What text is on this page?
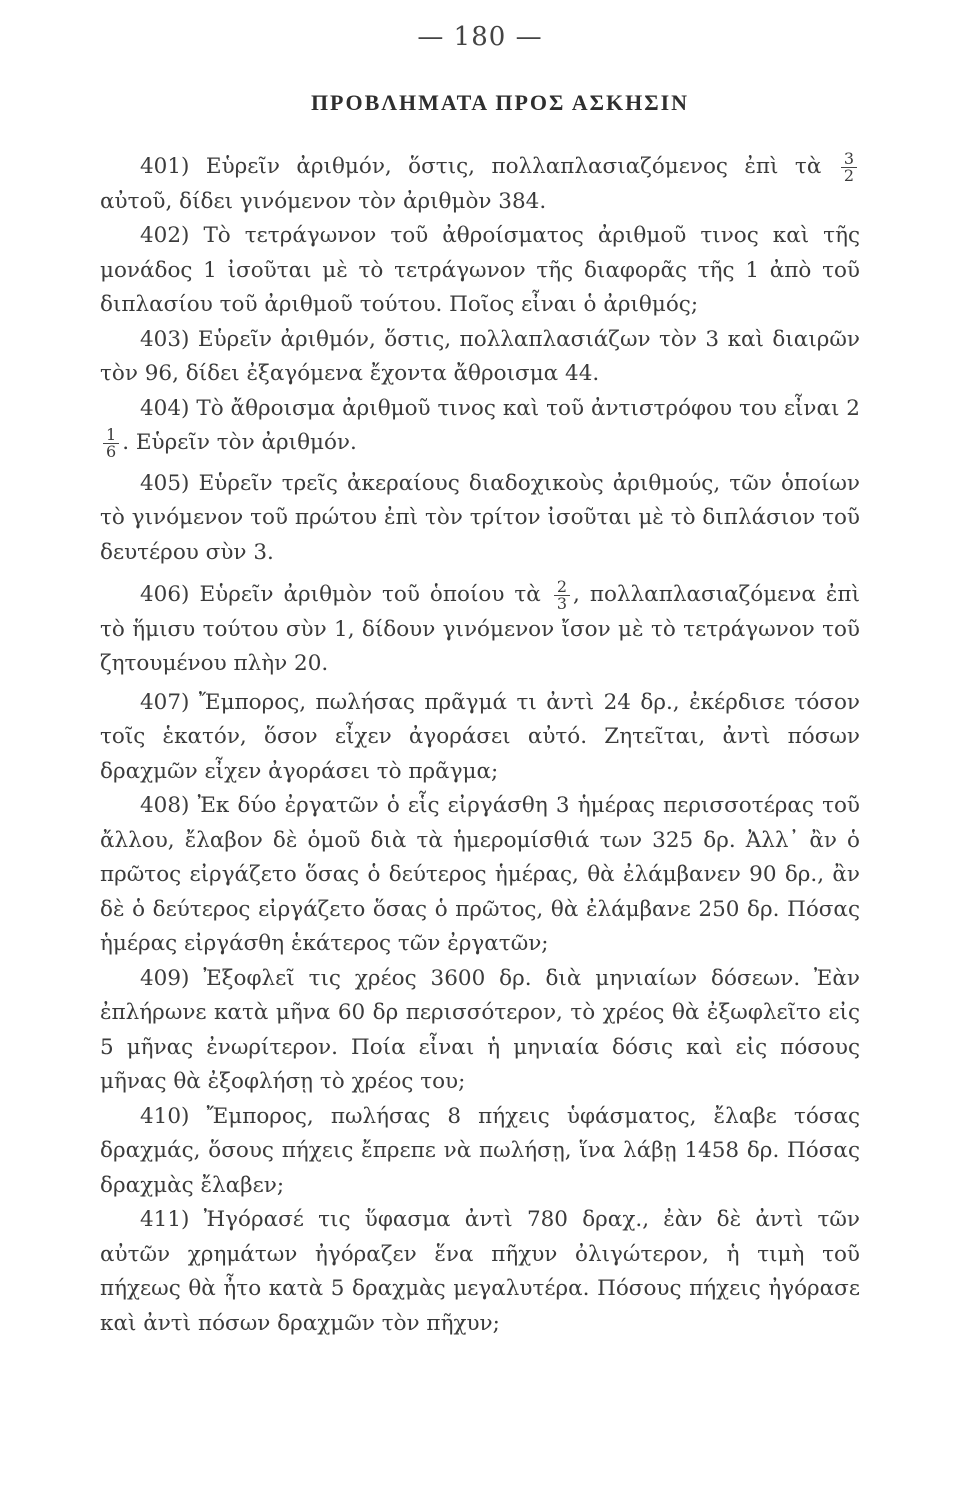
— 180 —
ΠΡΟΒΛΗΜΑΤΑ ΠΡΟΣ ΑΣΚΗΣΙΝ

401) Εὑρεῖν ἀριθμόν, ὅστις, πολλαπλασιαζόμενος ἐπὶ τὰ $\frac{3}{2}$
αὐτοῦ, δίδει γινόμενον τὸν ἀριθμὸν 384.

402) Τὸ τετράγωνον τοῦ ἀθροίσματος ἀριθμοῦ τινος καὶ τῆς μονάδος 1 ἰσοῦται μὲ τὸ τετράγωνον τῆς διαφορᾶς τῆς 1 ἀπὸ τοῦ διπλασίου τοῦ ἀριθμοῦ τούτου. Ποῖος εἶναι ὁ ἀριθμός;

403) Εὑρεῖν ἀριθμόν, ὅστις, πολλαπλασιάζων τὸν 3 καὶ διαιρῶν τὸν 96, δίδει ἐξαγόμενα ἔχοντα ἄθροισμα 44.

404) Τὸ ἄθροισμα ἀριθμοῦ τινος καὶ τοῦ ἀντιστρόφου του εἶναι 2
$\frac{1}{6}$ . Εὑρεῖν τὸν ἀριθμόν.

405) Εὑρεῖν τρεῖς ἀκεραίους διαδοχικοὺς ἀριθμούς, τῶν ὁποίων τὸ γινόμενον τοῦ πρώτου ἐπὶ τὸν τρίτον ἰσοῦται μὲ τὸ διπλάσιον τοῦ δευτέρου σὺν 3.

406) Εὑρεῖν ἀριθμὸν τοῦ ὁποίου τὰ $\frac{2}{3}$ , πολλαπλασιαζόμενα ἐπὶ τὸ ἥμισυ τούτου σὺν 1, δίδουν γινόμενον ἴσον μὲ τὸ τετράγωνον τοῦ ζητουμένου πλὴν 20.

407) Ἔμπορος, πωλήσας πρᾶγμά τι ἀντὶ 24 δρ., ἐκέρδισε τόσον τοῖς ἑκατόν, ὅσον εἶχεν ἀγοράσει αὐτό. Ζητεῖται, ἀντὶ πόσων δραχμῶν εἶχεν ἀγοράσει τὸ πρᾶγμα;

408) Ἐκ δύο ἐργατῶν ὁ εἷς εἰργάσθη 3 ἡμέρας περισσοτέρας τοῦ ἄλλου, ἔλαβον δὲ ὁμοῦ διὰ τὰ ἡμερομίσθιά των 325 δρ. Ἀλλ᾽ ἂν ὁ πρῶτος εἰργάζετο ὅσας ὁ δεύτερος ἡμέρας, θὰ ἐλάμβανεν 90 δρ., ἂν δὲ ὁ δεύτερος εἰργάζετο ὅσας ὁ πρῶτος, θὰ ἐλάμβανε 250 δρ. Πόσας ἡμέρας εἰργάσθη ἑκάτερος τῶν ἐργατῶν;

409) Ἐξοφλεῖ τις χρέος 3600 δρ. διὰ μηνιαίων δόσεων. Ἐὰν ἐπλήρωνε κατὰ μῆνα 60 δρ περισσότερον, τὸ χρέος θὰ ἐξωφλεῖτο εἰς 5 μῆνας ἐνωρίτερον. Ποία εἶναι ἡ μηνιαία δόσις καὶ εἰς πόσους μῆνας θὰ ἐξοφλήσῃ τὸ χρέος του;

410) Ἔμπορος, πωλήσας 8 πήχεις ὑφάσματος, ἔλαβε τόσας δραχμάς, ὅσους πήχεις ἔπρεπε νὰ πωλήσῃ, ἵνα λάβῃ 1458 δρ. Πόσας δραχμὰς ἔλαβεν;

411) Ἠγόρασέ τις ὕφασμα ἀντὶ 780 δραχ., ἐὰν δὲ ἀντὶ τῶν αὐτῶν χρημάτων ἠγόραζεν ἕνα πῆχυν ὀλιγώτερον, ἡ τιμὴ τοῦ πήχεως θὰ ἦτο κατὰ 5 δραχμὰς μεγαλυτέρα. Πόσους πήχεις ἠγόρασε καὶ ἀντὶ πόσων δραχμῶν τὸν πῆχυν;
